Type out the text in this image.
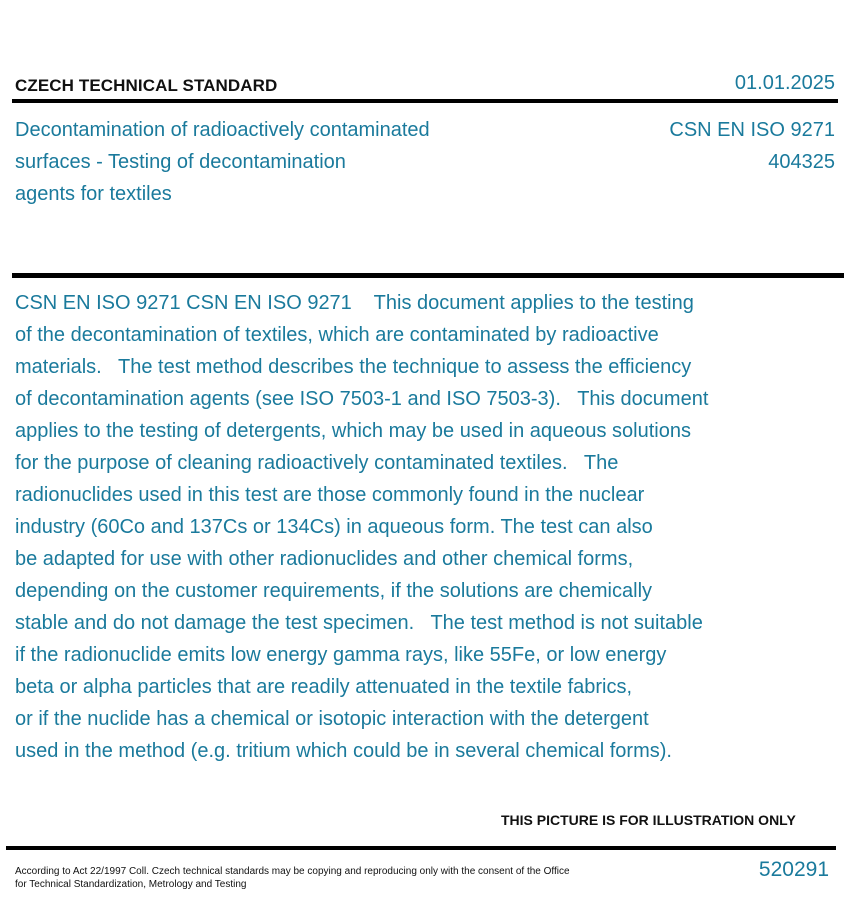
CZECH TECHNICAL STANDARD	01.01.2025
Decontamination of radioactively contaminated
surfaces - Testing of decontamination
agents for textiles
CSN EN ISO 9271
404325
CSN EN ISO 9271 CSN EN ISO 9271    This document applies to the testing
of the decontamination of textiles, which are contaminated by radioactive
materials.   The test method describes the technique to assess the efficiency
of decontamination agents (see ISO 7503-1 and ISO 7503-3).   This document
applies to the testing of detergents, which may be used in aqueous solutions
for the purpose of cleaning radioactively contaminated textiles.   The
radionuclides used in this test are those commonly found in the nuclear
industry (60Co and 137Cs or 134Cs) in aqueous form. The test can also
be adapted for use with other radionuclides and other chemical forms,
depending on the customer requirements, if the solutions are chemically
stable and do not damage the test specimen.   The test method is not suitable
if the radionuclide emits low energy gamma rays, like 55Fe, or low energy
beta or alpha particles that are readily attenuated in the textile fabrics,
or if the nuclide has a chemical or isotopic interaction with the detergent
used in the method (e.g. tritium which could be in several chemical forms).
THIS PICTURE IS FOR ILLUSTRATION ONLY
According to Act 22/1997 Coll. Czech technical standards may be copying and reproducing only with the consent of the Office
for Technical Standardization, Metrology and Testing
520291
